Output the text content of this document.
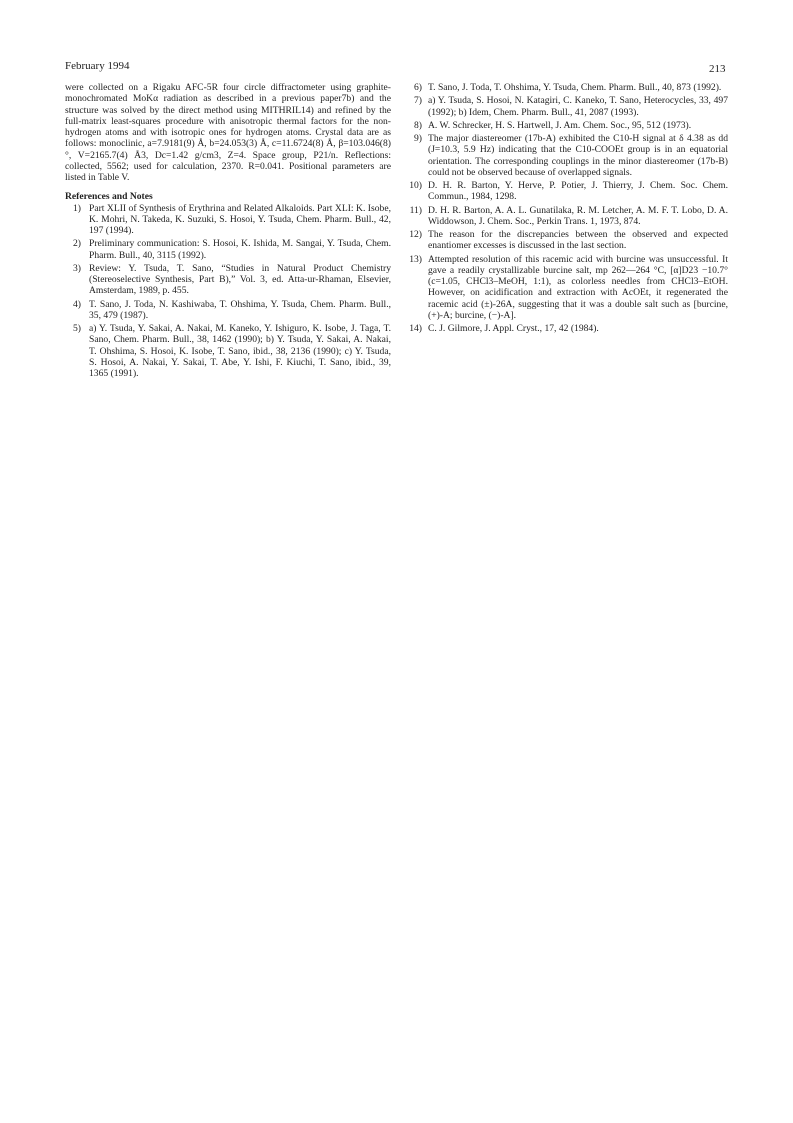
February 1994	213

were collected on a Rigaku AFC-5R four circle diffractometer using graphite-monochromated MoKα radiation as described in a previous paper7b) and the structure was solved by the direct method using MITHRIL14) and refined by the full-matrix least-squares procedure with anisotropic thermal factors for the non-hydrogen atoms and with isotropic ones for hydrogen atoms. Crystal data are as follows: monoclinic, a=7.9181(9) Å, b=24.053(3) Å, c=11.6724(8) Å, β=103.046(8)°, V=2165.7(4) Å3, Dc=1.42 g/cm3, Z=4. Space group, P21/n. Reflections: collected, 5562; used for calculation, 2370. R=0.041. Positional parameters are listed in Table V.

References and Notes
1) Part XLII of Synthesis of Erythrina and Related Alkaloids. Part XLI: K. Isobe, K. Mohri, N. Takeda, K. Suzuki, S. Hosoi, Y. Tsuda, Chem. Pharm. Bull., 42, 197 (1994).
2) Preliminary communication: S. Hosoi, K. Ishida, M. Sangai, Y. Tsuda, Chem. Pharm. Bull., 40, 3115 (1992).
3) Review: Y. Tsuda, T. Sano, “Studies in Natural Product Chemistry (Stereoselective Synthesis, Part B),” Vol. 3, ed. Atta-ur-Rhaman, Elsevier, Amsterdam, 1989, p. 455.
4) T. Sano, J. Toda, N. Kashiwaba, T. Ohshima, Y. Tsuda, Chem. Pharm. Bull., 35, 479 (1987).
5) a) Y. Tsuda, Y. Sakai, A. Nakai, M. Kaneko, Y. Ishiguro, K. Isobe, J. Taga, T. Sano, Chem. Pharm. Bull., 38, 1462 (1990); b) Y. Tsuda, Y. Sakai, A. Nakai, T. Ohshima, S. Hosoi, K. Isobe, T. Sano, ibid., 38, 2136 (1990); c) Y. Tsuda, S. Hosoi, A. Nakai, Y. Sakai, T. Abe, Y. Ishi, F. Kiuchi, T. Sano, ibid., 39, 1365 (1991).
6) T. Sano, J. Toda, T. Ohshima, Y. Tsuda, Chem. Pharm. Bull., 40, 873 (1992).
7) a) Y. Tsuda, S. Hosoi, N. Katagiri, C. Kaneko, T. Sano, Heterocycles, 33, 497 (1992); b) Idem, Chem. Pharm. Bull., 41, 2087 (1993).
8) A. W. Schrecker, H. S. Hartwell, J. Am. Chem. Soc., 95, 512 (1973).
9) The major diastereomer (17b-A) exhibited the C10-H signal at δ 4.38 as dd (J=10.3, 5.9 Hz) indicating that the C10-COOEt group is in an equatorial orientation. The corresponding couplings in the minor diastereomer (17b-B) could not be observed because of overlapped signals.
10) D. H. R. Barton, Y. Herve, P. Potier, J. Thierry, J. Chem. Soc. Chem. Commun., 1984, 1298.
11) D. H. R. Barton, A. A. L. Gunatilaka, R. M. Letcher, A. M. F. T. Lobo, D. A. Widdowson, J. Chem. Soc., Perkin Trans. 1, 1973, 874.
12) The reason for the discrepancies between the observed and expected enantiomer excesses is discussed in the last section.
13) Attempted resolution of this racemic acid with burcine was unsuccessful. It gave a readily crystallizable burcine salt, mp 262—264 °C, [α]D23 −10.7° (c=1.05, CHCl3–MeOH, 1:1), as colorless needles from CHCl3–EtOH. However, on acidification and extraction with AcOEt, it regenerated the racemic acid (±)-26A, suggesting that it was a double salt such as [burcine, (+)-A; burcine, (−)-A].
14) C. J. Gilmore, J. Appl. Cryst., 17, 42 (1984).
